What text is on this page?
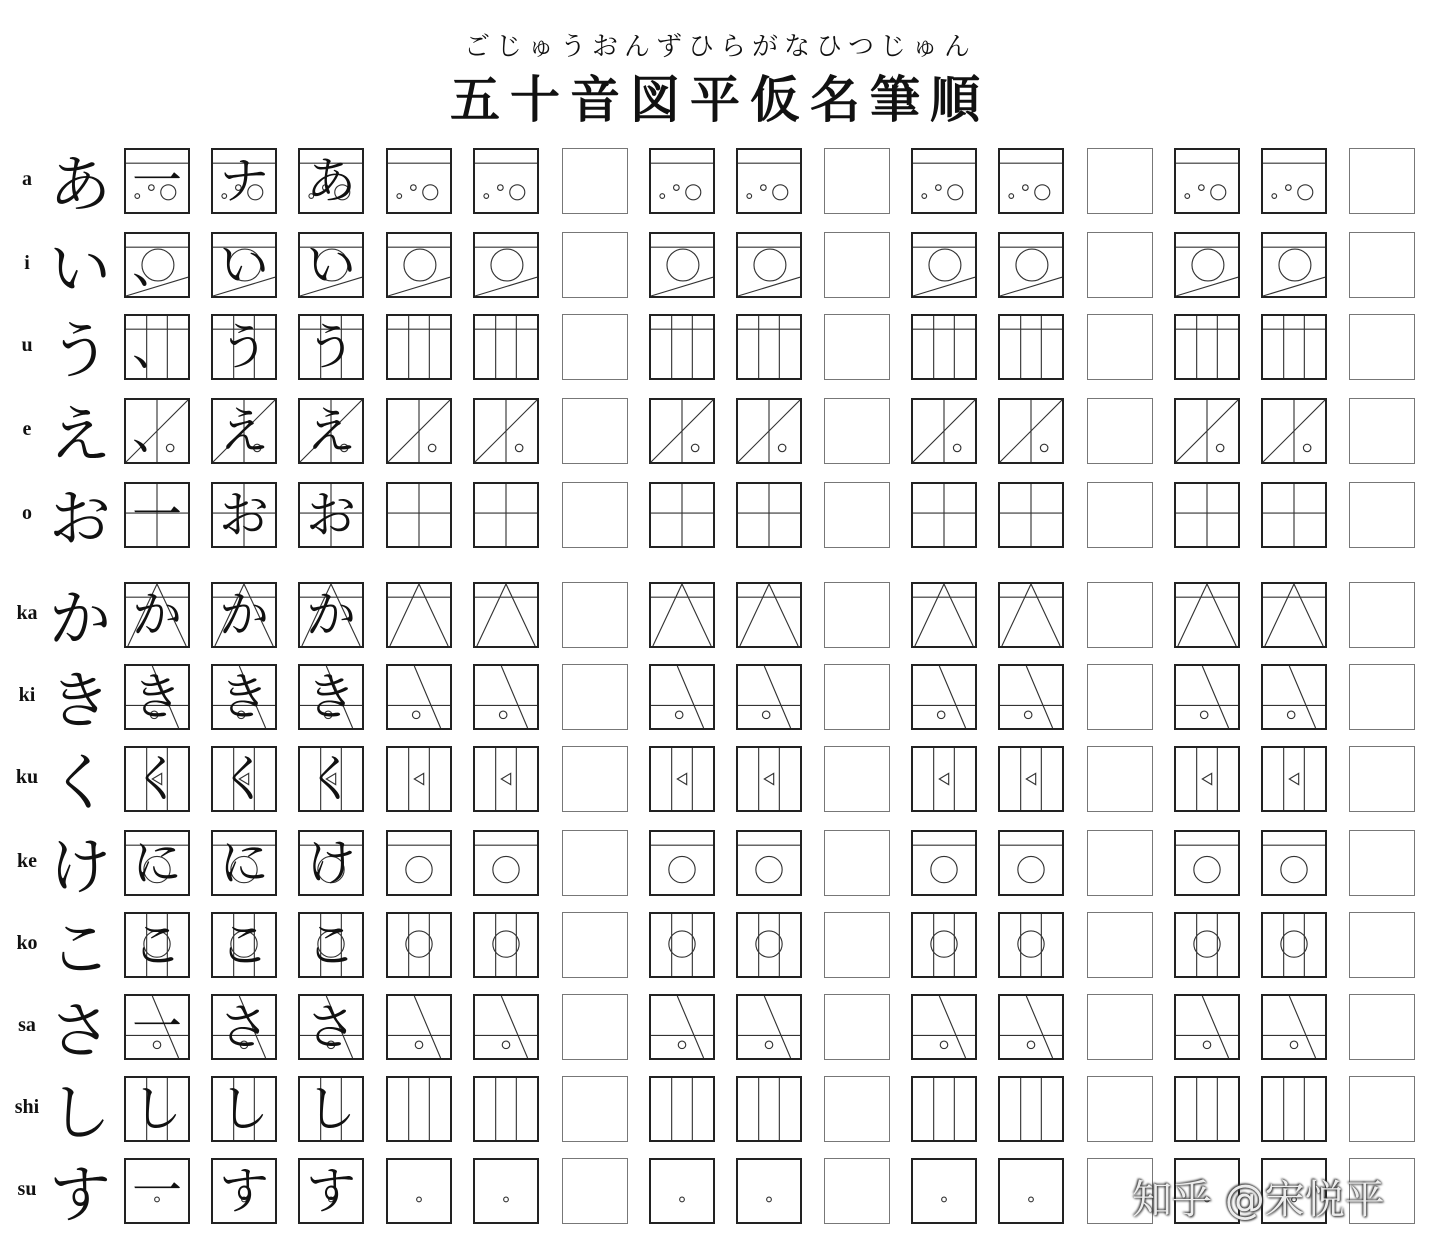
ごじゅうおんずひらがなひつじゅん
五十音図平仮名筆順
a あ 一 ナ あ
i い 、 い い
u う 、 う う
e え 、 え え
o お 一 お お
ka か か か か
ki き き き き
ku く く く く
ke け に に け
ko こ こ こ こ
sa さ 一 さ さ
shi し し し し
su す 一 す す	知乎 @宋悦平
